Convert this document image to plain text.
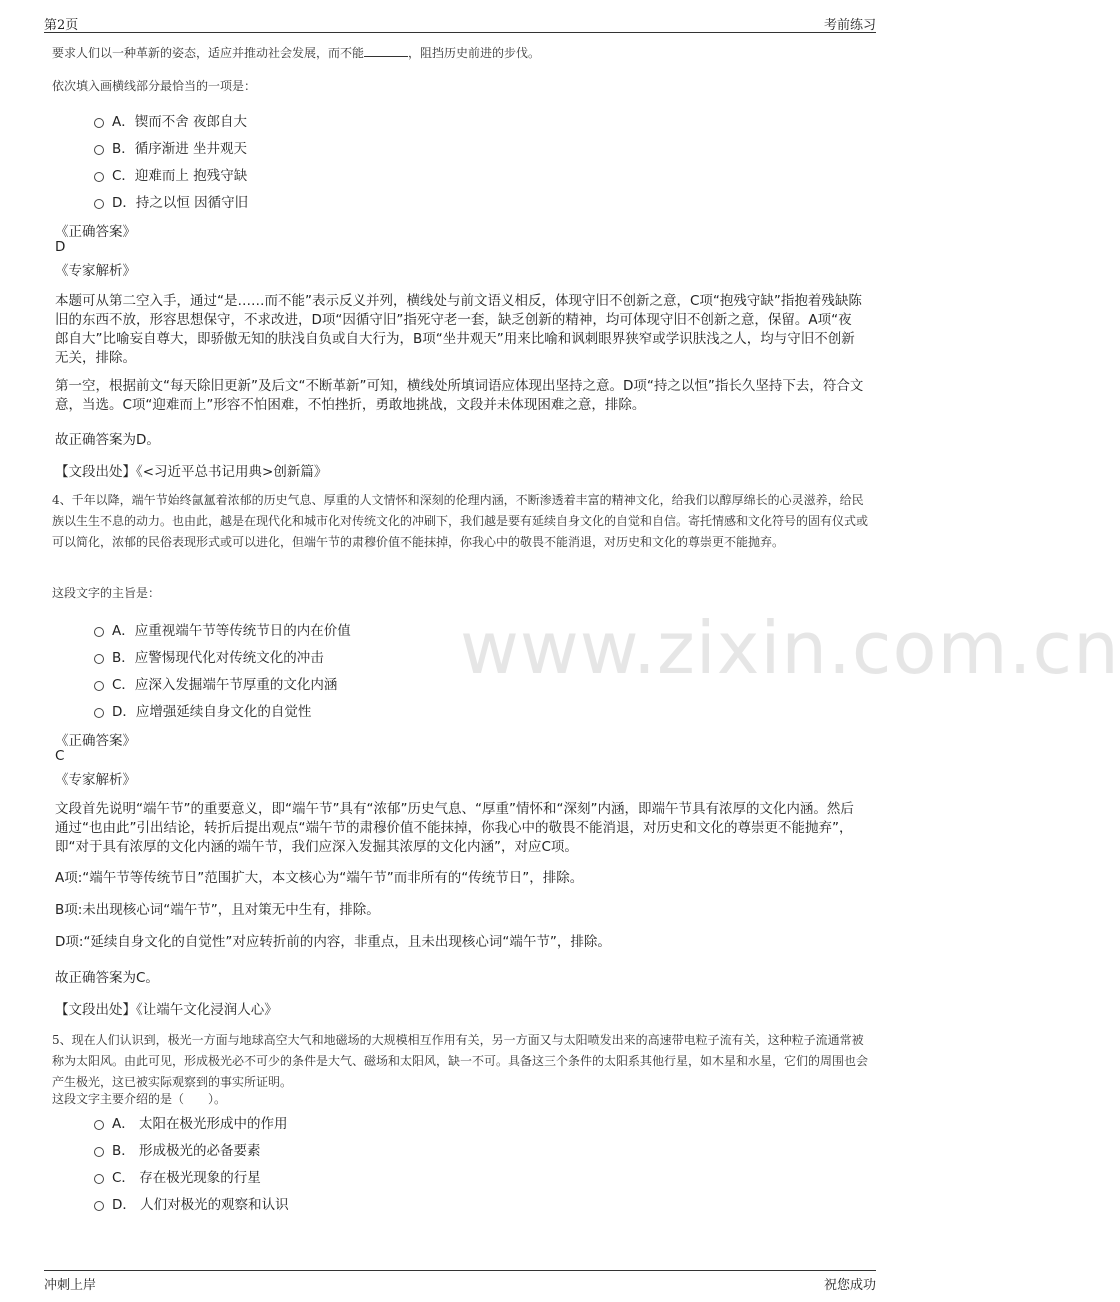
第2页	考前练习
www.zixin.com.cn
要求人们以一种革新的姿态，适应并推动社会发展，而不能	，阻挡历史前进的步伐。
依次填入画横线部分最恰当的一项是：
A．锲而不舍 夜郎自大
B．循序渐进 坐井观天
C．迎难而上 抱残守缺
D．持之以恒 因循守旧
《正确答案》
D
《专家解析》
本题可从第二空入手，通过“是……而不能”表示反义并列，横线处与前文语义相反，体现守旧不创新之意，C项“抱残守缺”指抱着残缺陈旧的东西不放，形容思想保守，不求改进，D项“因循守旧”指死守老一套，缺乏创新的精神，均可体现守旧不创新之意，保留。A项“夜郎自大”比喻妄自尊大，即骄傲无知的肤浅自负或自大行为，B项“坐井观天”用来比喻和讽刺眼界狭窄或学识肤浅之人，均与守旧不创新无关，排除。
第一空，根据前文“每天除旧更新”及后文“不断革新”可知，横线处所填词语应体现出坚持之意。D项“持之以恒”指长久坚持下去，符合文意，当选。C项“迎难而上”形容不怕困难，不怕挫折，勇敢地挑战，文段并未体现困难之意，排除。
故正确答案为D。
【文段出处】《<习近平总书记用典>创新篇》
4、千年以降，端午节始终氤氲着浓郁的历史气息、厚重的人文情怀和深刻的伦理内涵，不断渗透着丰富的精神文化，给我们以醇厚绵长的心灵滋养，给民族以生生不息的动力。也由此，越是在现代化和城市化对传统文化的冲刷下，我们越是要有延续自身文化的自觉和自信。寄托情感和文化符号的固有仪式或可以简化，浓郁的民俗表现形式或可以进化，但端午节的肃穆价值不能抹掉，你我心中的敬畏不能消退，对历史和文化的尊崇更不能抛弃。
这段文字的主旨是：
A．应重视端午节等传统节日的内在价值
B．应警惕现代化对传统文化的冲击
C．应深入发掘端午节厚重的文化内涵
D．应增强延续自身文化的自觉性
《正确答案》
C
《专家解析》
文段首先说明“端午节”的重要意义，即“端午节”具有“浓郁”历史气息、“厚重”情怀和“深刻”内涵，即端午节具有浓厚的文化内涵。然后通过“也由此”引出结论，转折后提出观点“端午节的肃穆价值不能抹掉，你我心中的敬畏不能消退，对历史和文化的尊崇更不能抛弃”，即“对于具有浓厚的文化内涵的端午节，我们应深入发掘其浓厚的文化内涵”，对应C项。
A项:“端午节等传统节日”范围扩大，本文核心为“端午节”而非所有的“传统节日”，排除。
B项:未出现核心词“端午节”，且对策无中生有，排除。
D项:“延续自身文化的自觉性”对应转折前的内容，非重点，且未出现核心词“端午节”，排除。
故正确答案为C。
【文段出处】《让端午文化浸润人心》
5、现在人们认识到，极光一方面与地球高空大气和地磁场的大规模相互作用有关，另一方面又与太阳喷发出来的高速带电粒子流有关，这种粒子流通常被称为太阳风。由此可见，形成极光必不可少的条件是大气、磁场和太阳风，缺一不可。具备这三个条件的太阳系其他行星，如木星和水星，它们的周围也会产生极光，这已被实际观察到的事实所证明。
这段文字主要介绍的是（　　）。
A． 太阳在极光形成中的作用
B． 形成极光的必备要素
C． 存在极光现象的行星
D． 人们对极光的观察和认识
冲刺上岸	祝您成功
